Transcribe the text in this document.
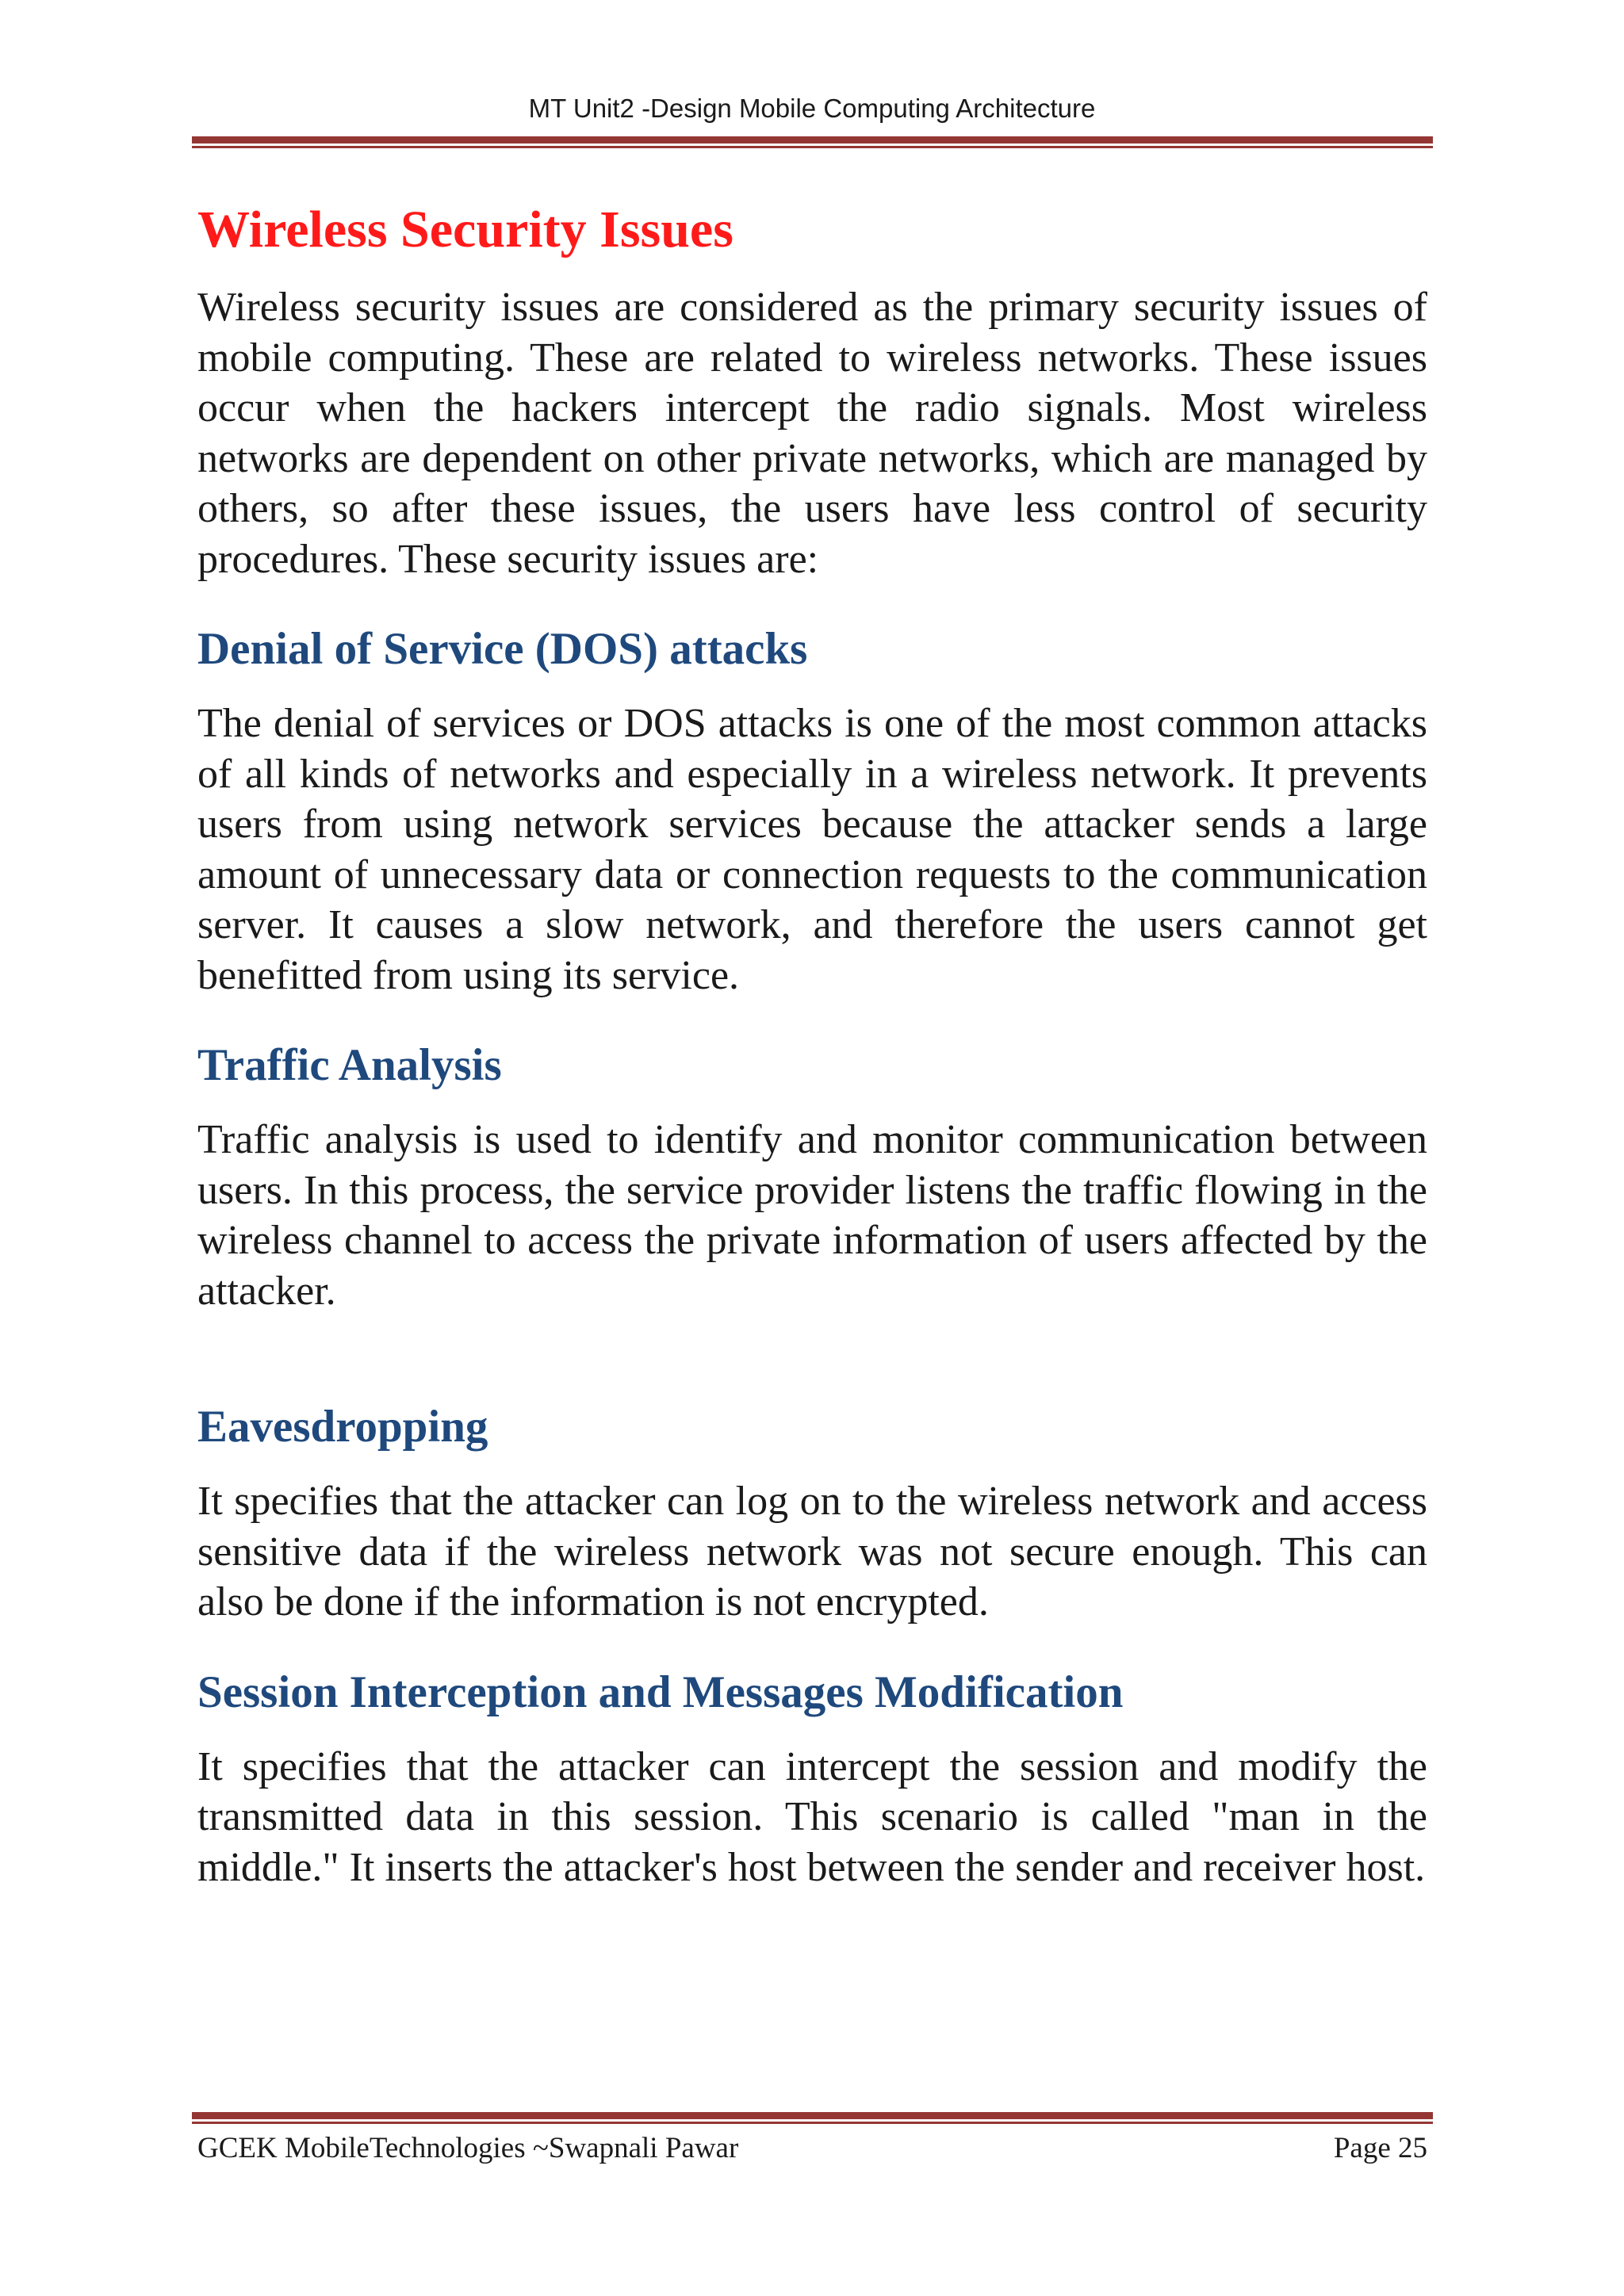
MT Unit2 -Design Mobile Computing Architecture
Wireless Security Issues

Wireless security issues are considered as the primary security issues of mobile computing. These are related to wireless networks. These issues occur when the hackers intercept the radio signals. Most wireless networks are dependent on other private networks, which are managed by others, so after these issues, the users have less control of security procedures. These security issues are:

Denial of Service (DOS) attacks

The denial of services or DOS attacks is one of the most common attacks of all kinds of networks and especially in a wireless network. It prevents users from using network services because the attacker sends a large amount of unnecessary data or connection requests to the communication server. It causes a slow network, and therefore the users cannot get benefitted from using its service.

Traffic Analysis

Traffic analysis is used to identify and monitor communication between users. In this process, the service provider listens the traffic flowing in the wireless channel to access the private information of users affected by the attacker.

Eavesdropping

It specifies that the attacker can log on to the wireless network and access sensitive data if the wireless network was not secure enough. This can also be done if the information is not encrypted.

Session Interception and Messages Modification

It specifies that the attacker can intercept the session and modify the transmitted data in this session. This scenario is called "man in the middle." It inserts the attacker's host between the sender and receiver host.

GCEK MobileTechnologies ~Swapnali Pawar	Page 25
